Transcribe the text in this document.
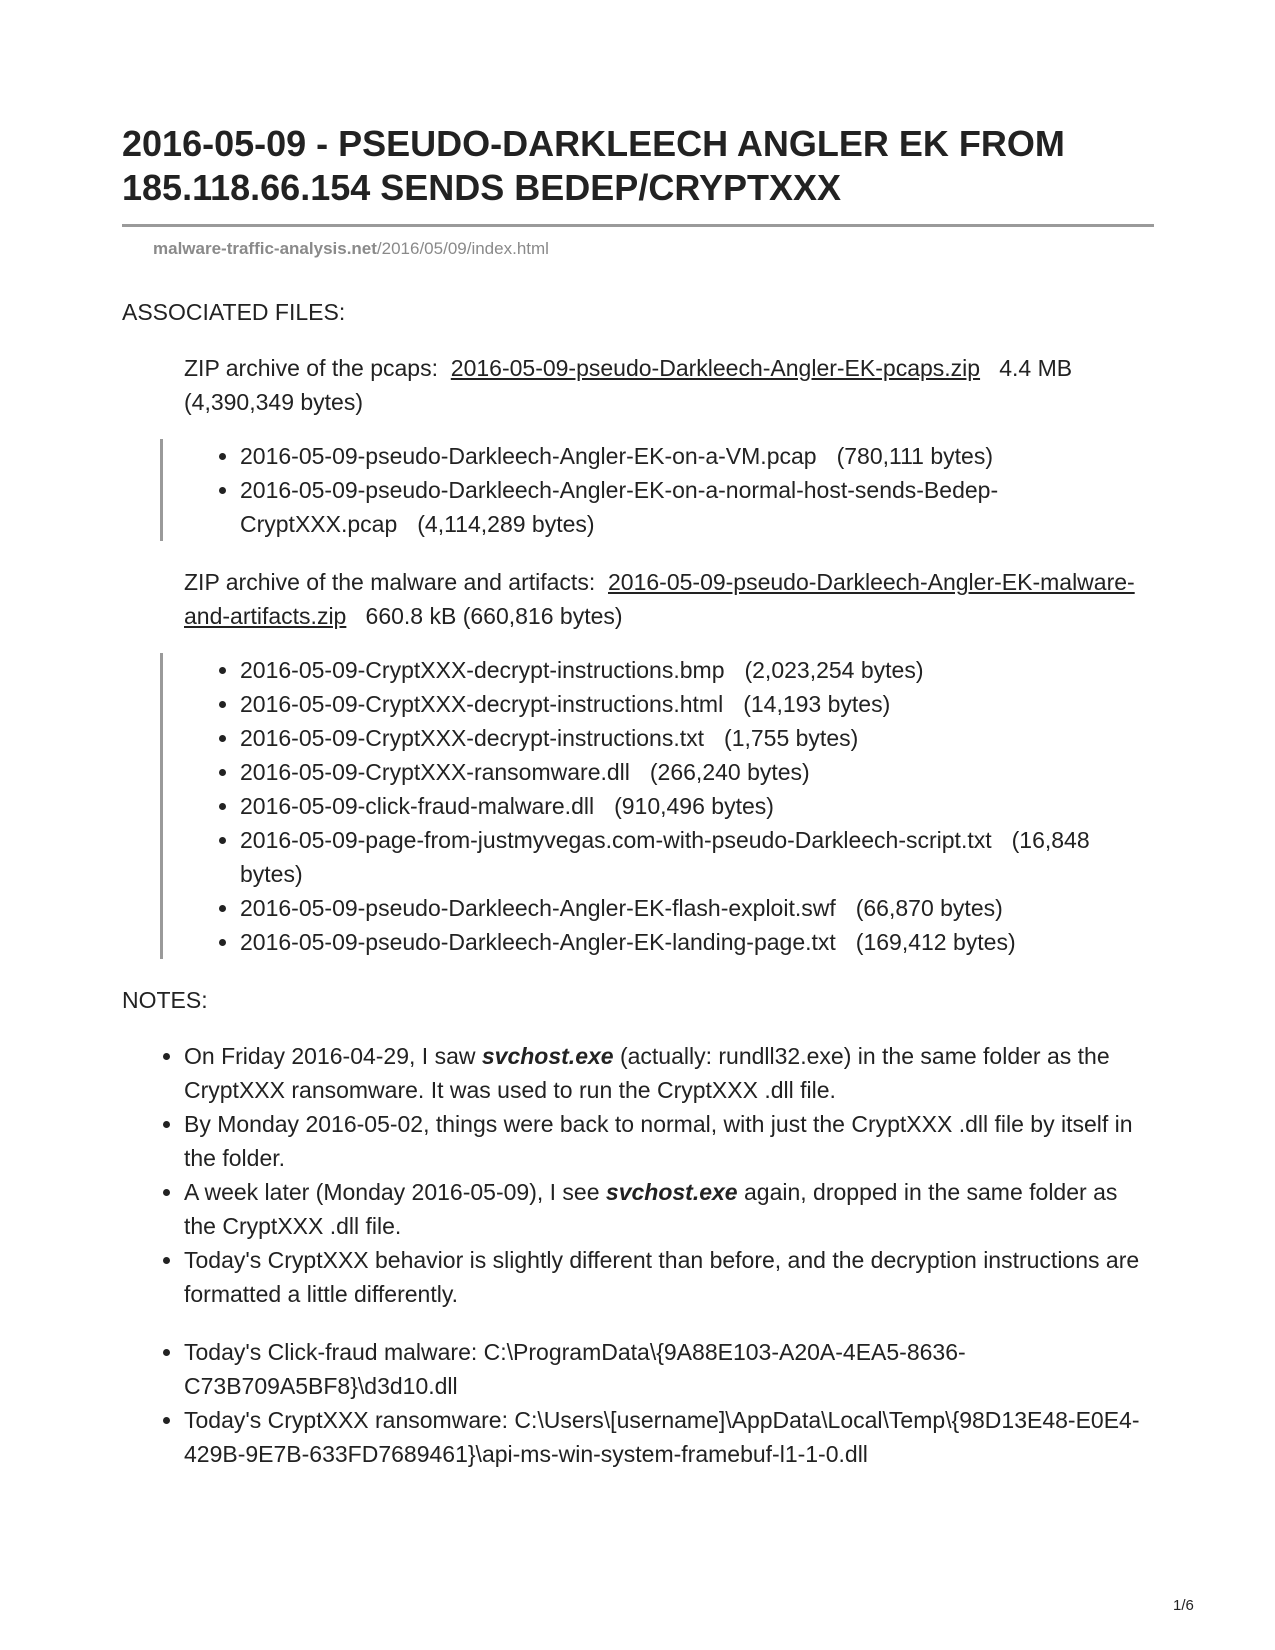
2016-05-09 - PSEUDO-DARKLEECH ANGLER EK FROM 185.118.66.154 SENDS BEDEP/CRYPTXXX
malware-traffic-analysis.net/2016/05/09/index.html
ASSOCIATED FILES:
ZIP archive of the pcaps: 2016-05-09-pseudo-Darkleech-Angler-EK-pcaps.zip 4.4 MB (4,390,349 bytes)
• 2016-05-09-pseudo-Darkleech-Angler-EK-on-a-VM.pcap (780,111 bytes)
• 2016-05-09-pseudo-Darkleech-Angler-EK-on-a-normal-host-sends-Bedep-CryptXXX.pcap (4,114,289 bytes)
ZIP archive of the malware and artifacts: 2016-05-09-pseudo-Darkleech-Angler-EK-malware-and-artifacts.zip 660.8 kB (660,816 bytes)
• 2016-05-09-CryptXXX-decrypt-instructions.bmp (2,023,254 bytes)
• 2016-05-09-CryptXXX-decrypt-instructions.html (14,193 bytes)
• 2016-05-09-CryptXXX-decrypt-instructions.txt (1,755 bytes)
• 2016-05-09-CryptXXX-ransomware.dll (266,240 bytes)
• 2016-05-09-click-fraud-malware.dll (910,496 bytes)
• 2016-05-09-page-from-justmyvegas.com-with-pseudo-Darkleech-script.txt (16,848 bytes)
• 2016-05-09-pseudo-Darkleech-Angler-EK-flash-exploit.swf (66,870 bytes)
• 2016-05-09-pseudo-Darkleech-Angler-EK-landing-page.txt (169,412 bytes)
NOTES:
• On Friday 2016-04-29, I saw svchost.exe (actually: rundll32.exe) in the same folder as the CryptXXX ransomware. It was used to run the CryptXXX .dll file.
• By Monday 2016-05-02, things were back to normal, with just the CryptXXX .dll file by itself in the folder.
• A week later (Monday 2016-05-09), I see svchost.exe again, dropped in the same folder as the CryptXXX .dll file.
• Today's CryptXXX behavior is slightly different than before, and the decryption instructions are formatted a little differently.
• Today's Click-fraud malware: C:\ProgramData\{9A88E103-A20A-4EA5-8636-C73B709A5BF8}\d3d10.dll
• Today's CryptXXX ransomware: C:\Users\[username]\AppData\Local\Temp\{98D13E48-E0E4-429B-9E7B-633FD7689461}\api-ms-win-system-framebuf-l1-1-0.dll
1/6
